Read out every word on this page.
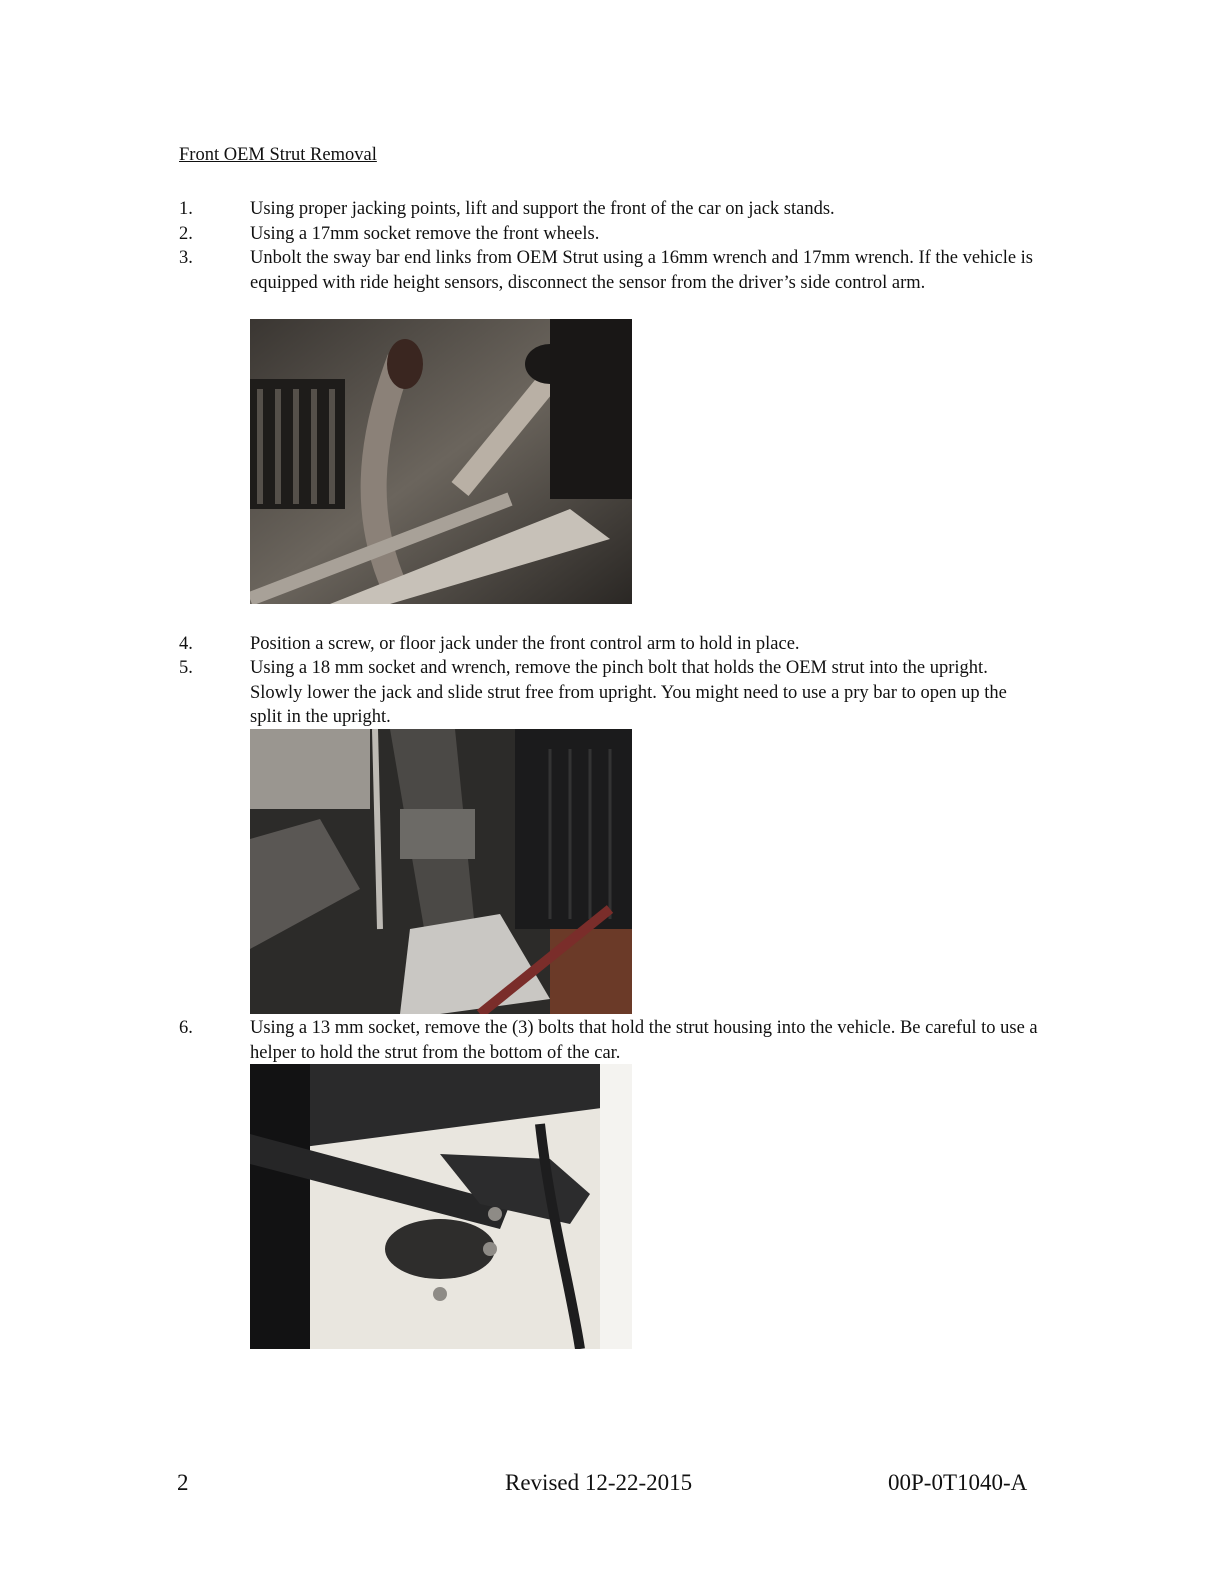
Front OEM Strut Removal
1.	Using proper jacking points, lift and support the front of the car on jack stands.
2.	Using a 17mm socket remove the front wheels.
3.	Unbolt the sway bar end links from OEM Strut using a 16mm wrench and 17mm wrench. If the vehicle is equipped with ride height sensors, disconnect the sensor from the driver’s side control arm.
4.	Position a screw, or floor jack under the front control arm to hold in place.
5.	Using a 18 mm socket and wrench, remove the pinch bolt that holds the OEM strut into the upright. Slowly lower the jack and slide strut free from upright. You might need to use a pry bar to open up the split in the upright.
6.	Using a 13 mm socket, remove the (3) bolts that hold the strut housing into the vehicle. Be careful to use a helper to hold the strut from the bottom of the car.
2	Revised 12-22-2015	00P-0T1040-A
